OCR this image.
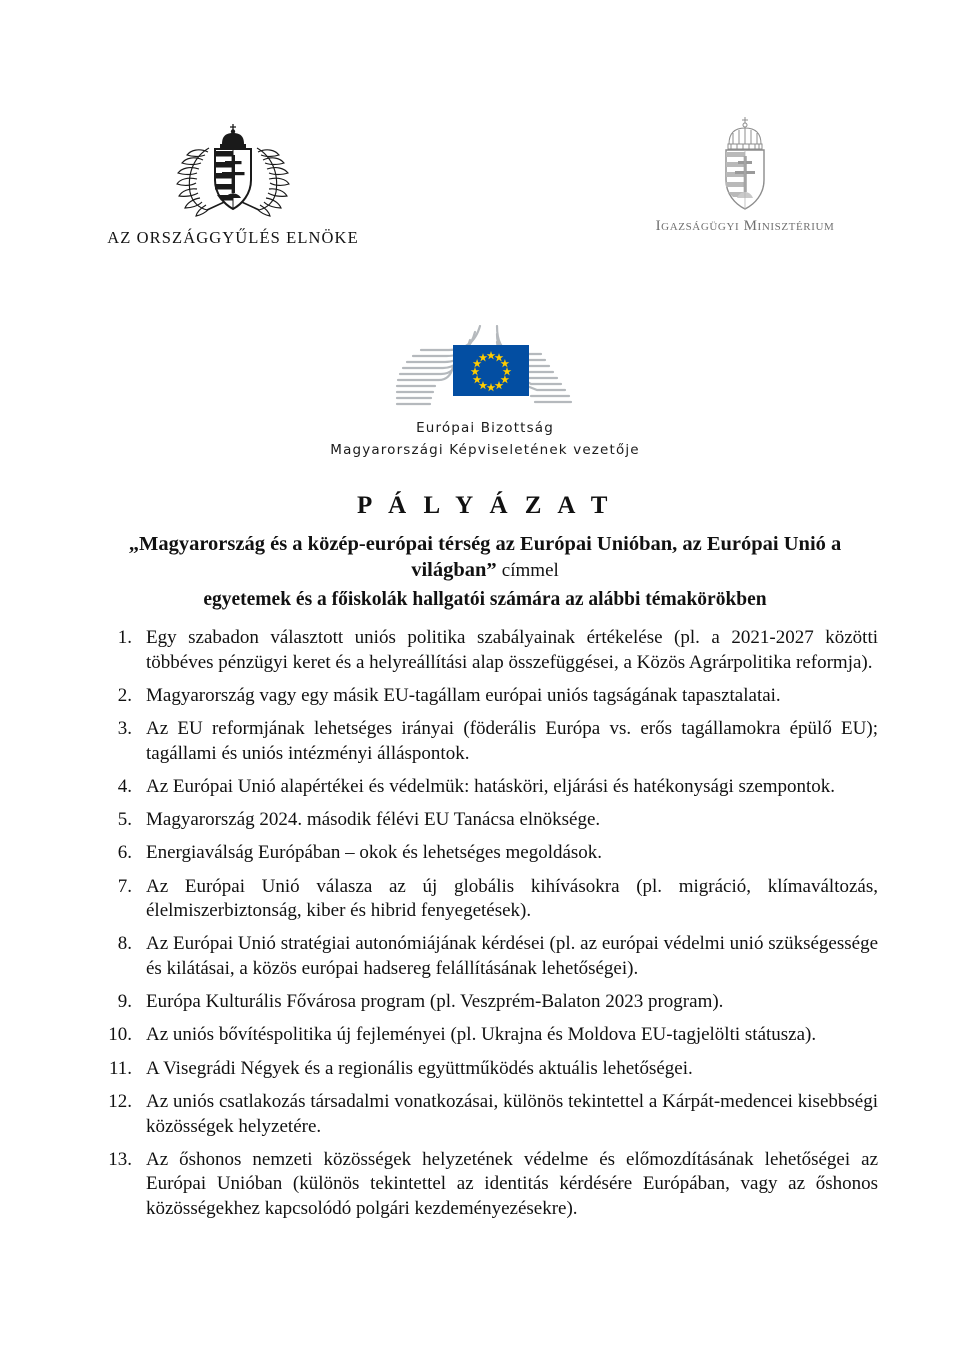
AZ ORSZÁGGYŰLÉS ELNÖKE
Igazságügyi Minisztérium
Európai Bizottság
Magyarországi Képviseletének vezetője
P Á L Y Á Z A T
„Magyarország és a közép-európai térség az Európai Unióban, az Európai Unió a világban” címmel
egyetemek és a főiskolák hallgatói számára az alábbi témakörökben
1. Egy szabadon választott uniós politika szabályainak értékelése (pl. a 2021-2027 közötti többéves pénzügyi keret és a helyreállítási alap összefüggései, a Közös Agrárpolitika reformja).
2. Magyarország vagy egy másik EU-tagállam európai uniós tagságának tapasztalatai.
3. Az EU reformjának lehetséges irányai (föderális Európa vs. erős tagállamokra épülő EU); tagállami és uniós intézményi álláspontok.
4. Az Európai Unió alapértékei és védelmük: hatásköri, eljárási és hatékonysági szempontok.
5. Magyarország 2024. második félévi EU Tanácsa elnöksége.
6. Energiaválság Európában – okok és lehetséges megoldások.
7. Az Európai Unió válasza az új globális kihívásokra (pl. migráció, klímaváltozás, élelmiszerbiztonság, kiber és hibrid fenyegetések).
8. Az Európai Unió stratégiai autonómiájának kérdései (pl. az európai védelmi unió szükségessége és kilátásai, a közös európai hadsereg felállításának lehetőségei).
9. Európa Kulturális Fővárosa program (pl. Veszprém-Balaton 2023 program).
10. Az uniós bővítéspolitika új fejleményei (pl. Ukrajna és Moldova EU-tagjelölti státusza).
11. A Visegrádi Négyek és a regionális együttműködés aktuális lehetőségei.
12. Az uniós csatlakozás társadalmi vonatkozásai, különös tekintettel a Kárpát-medencei kisebbségi közösségek helyzetére.
13. Az őshonos nemzeti közösségek helyzetének védelme és előmozdításának lehetőségei az Európai Unióban (különös tekintettel az identitás kérdésére Európában, vagy az őshonos közösségekhez kapcsolódó polgári kezdeményezésekre).
